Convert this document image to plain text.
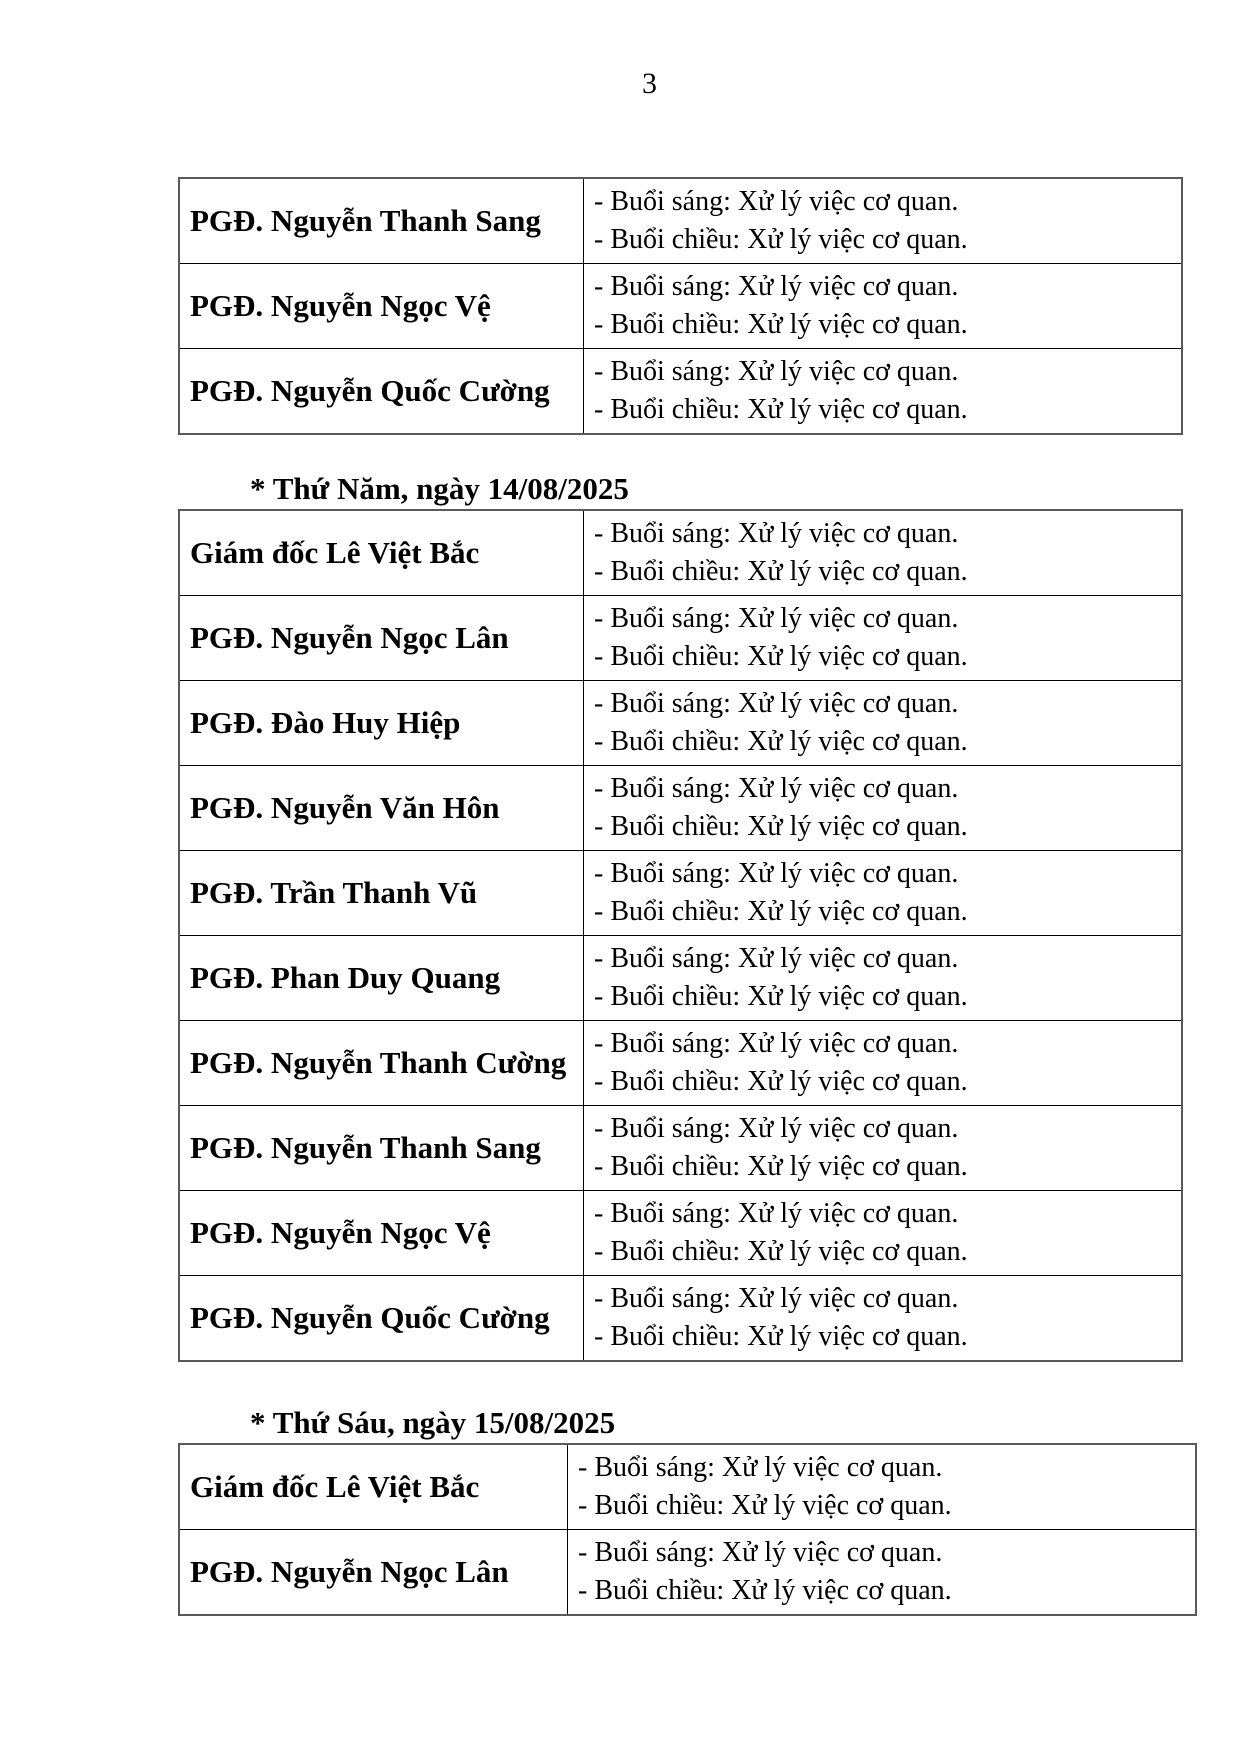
3
PGĐ. Nguyễn Thanh Sang	- Buổi sáng: Xử lý việc cơ quan.
- Buổi chiều: Xử lý việc cơ quan.

PGĐ. Nguyễn Ngọc Vệ	- Buổi sáng: Xử lý việc cơ quan.
- Buổi chiều: Xử lý việc cơ quan.

PGĐ. Nguyễn Quốc Cường	- Buổi sáng: Xử lý việc cơ quan.
- Buổi chiều: Xử lý việc cơ quan.
* Thứ Năm, ngày 14/08/2025
Giám đốc Lê Việt Bắc	- Buổi sáng: Xử lý việc cơ quan.
- Buổi chiều: Xử lý việc cơ quan.

PGĐ. Nguyễn Ngọc Lân	- Buổi sáng: Xử lý việc cơ quan.
- Buổi chiều: Xử lý việc cơ quan.

PGĐ. Đào Huy Hiệp	- Buổi sáng: Xử lý việc cơ quan.
- Buổi chiều: Xử lý việc cơ quan.

PGĐ. Nguyễn Văn Hôn	- Buổi sáng: Xử lý việc cơ quan.
- Buổi chiều: Xử lý việc cơ quan.

PGĐ. Trần Thanh Vũ	- Buổi sáng: Xử lý việc cơ quan.
- Buổi chiều: Xử lý việc cơ quan.

PGĐ. Phan Duy Quang	- Buổi sáng: Xử lý việc cơ quan.
- Buổi chiều: Xử lý việc cơ quan.

PGĐ. Nguyễn Thanh Cường	- Buổi sáng: Xử lý việc cơ quan.
- Buổi chiều: Xử lý việc cơ quan.

PGĐ. Nguyễn Thanh Sang	- Buổi sáng: Xử lý việc cơ quan.
- Buổi chiều: Xử lý việc cơ quan.

PGĐ. Nguyễn Ngọc Vệ	- Buổi sáng: Xử lý việc cơ quan.
- Buổi chiều: Xử lý việc cơ quan.

PGĐ. Nguyễn Quốc Cường	- Buổi sáng: Xử lý việc cơ quan.
- Buổi chiều: Xử lý việc cơ quan.
* Thứ Sáu, ngày 15/08/2025
Giám đốc Lê Việt Bắc	- Buổi sáng: Xử lý việc cơ quan.
- Buổi chiều: Xử lý việc cơ quan.

PGĐ. Nguyễn Ngọc Lân	- Buổi sáng: Xử lý việc cơ quan.
- Buổi chiều: Xử lý việc cơ quan.
